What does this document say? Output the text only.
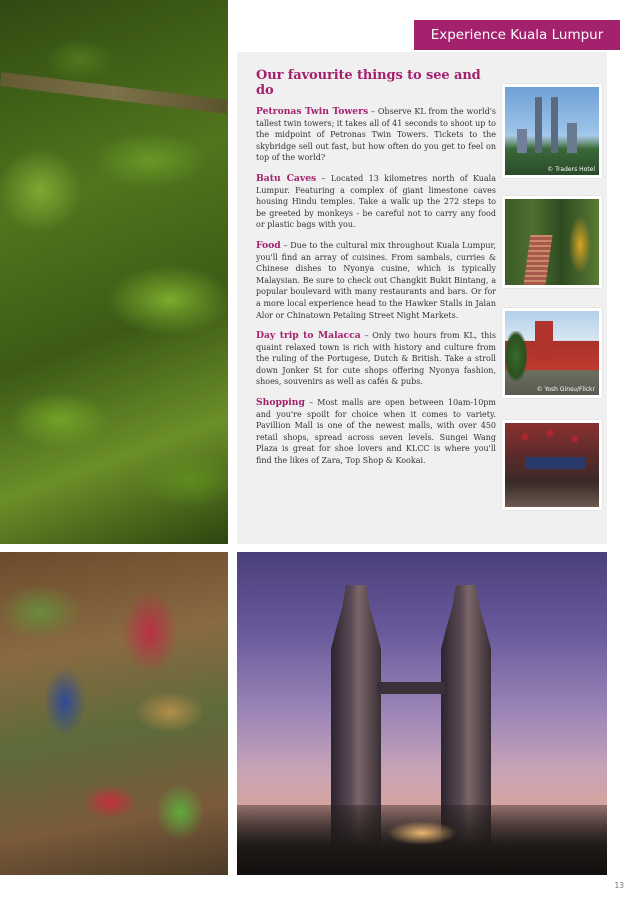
Experience Kuala Lumpur
Our favourite things to see and do

Petronas Twin Towers – Observe KL from the world's tallest twin towers; it takes all of 41 seconds to shoot up to the midpoint of Petronas Twin Towers. Tickets to the skybridge sell out fast, but how often do you get to feel on top of the world?

Batu Caves – Located 13 kilometres north of Kuala Lumpur. Featuring a complex of giant limestone caves housing Hindu temples. Take a walk up the 272 steps to be greeted by monkeys - be careful not to carry any food or plastic bags with you.

Food – Due to the cultural mix throughout Kuala Lumpur, you'll find an array of cuisines. From sambals, curries & Chinese dishes to Nyonya cusine, which is typically Malaysian. Be sure to check out Changkit Bukit Bintang, a popular boulevard with many restaurants and bars. Or for a more local experience head to the Hawker Stalls in Jalan Alor or Chinatown Petaling Street Night Markets.

Day trip to Malacca – Only two hours from KL, this quaint relaxed town is rich with history and culture from the ruling of the Portugese, Dutch & British. Take a stroll down Jonker St for cute shops offering Nyonya fashion, shoes, souvenirs as well as cafés & pubs.

Shopping – Most malls are open between 10am-10pm and you're spoilt for choice when it comes to variety. Pavillion Mall is one of the newest malls, with over 450 retail shops, spread across seven levels. Sungei Wang Plaza is great for shoe lovers and KLCC is where you'll find the likes of Zara, Top Shop & Kookai.

© Traders Hotel
© Yosh Ginsu/Flickr
13
